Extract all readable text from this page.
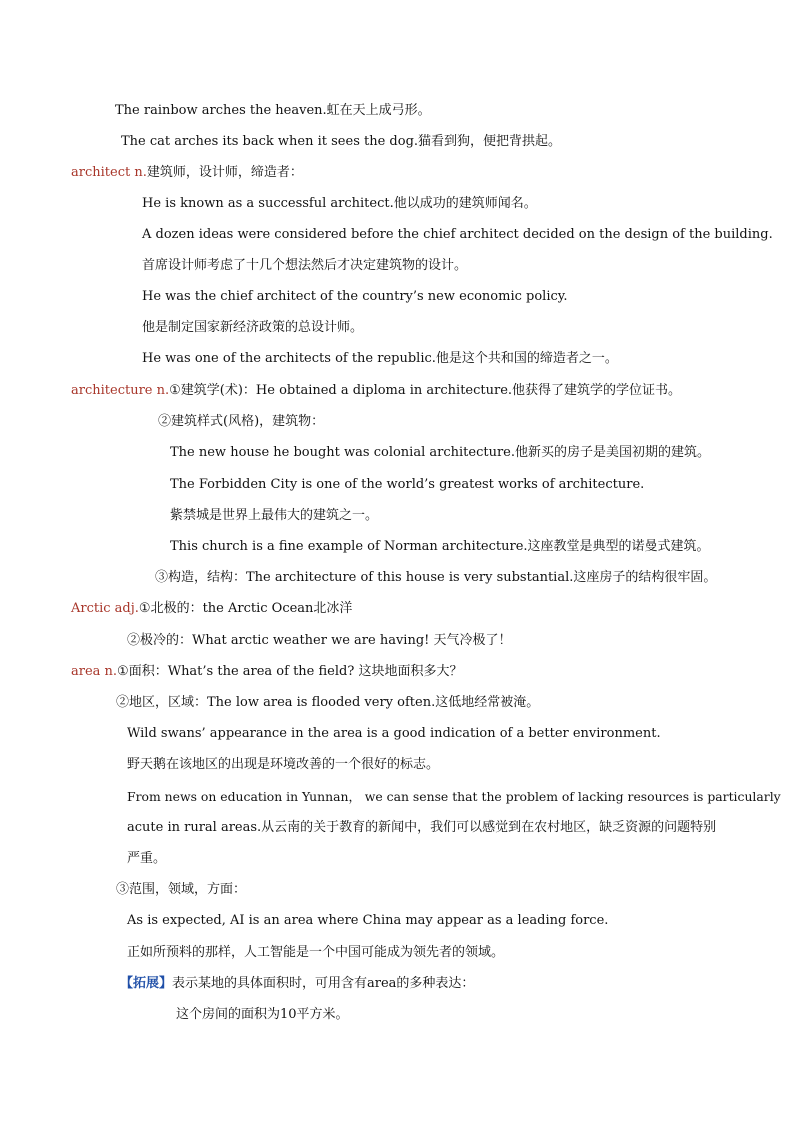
The rainbow arches the heaven.虹在天上成弓形。
The cat arches its back when it sees the dog.猫看到狗，便把背拱起。
architect n.建筑师，设计师，缔造者：
He is known as a successful architect.他以成功的建筑师闻名。
A dozen ideas were considered before the chief architect decided on the design of the building.
首席设计师考虑了十几个想法然后才决定建筑物的设计。
He was the chief architect of the country’s new economic policy.
他是制定国家新经济政策的总设计师。
He was one of the architects of the republic.他是这个共和国的缔造者之一。
architecture n.①建筑学(术)：He obtained a diploma in architecture.他获得了建筑学的学位证书。
②建筑样式(风格)，建筑物：
The new house he bought was colonial architecture.他新买的房子是美国初期的建筑。
The Forbidden City is one of the world’s greatest works of architecture.
紫禁城是世界上最伟大的建筑之一。
This church is a fine example of Norman architecture.这座教堂是典型的诺曼式建筑。
③构造，结构：The architecture of this house is very substantial.这座房子的结构很牢固。
Arctic adj.①北极的：the Arctic Ocean北冰洋
②极冷的：What arctic weather we are having! 天气冷极了！
area n.①面积：What’s the area of the field? 这块地面积多大？
②地区，区域：The low area is flooded very often.这低地经常被淹。
Wild swans’ appearance in the area is a good indication of a better environment.
野天鹅在该地区的出现是环境改善的一个很好的标志。
From news on education in Yunnan， we can sense that the problem of lacking resources is particularly
acute in rural areas.从云南的关于教育的新闻中，我们可以感觉到在农村地区，缺乏资源的问题特别
严重。
③范围，领域，方面：
As is expected, AI is an area where China may appear as a leading force.
正如所预料的那样，人工智能是一个中国可能成为领先者的领域。
【拓展】表示某地的具体面积时，可用含有area的多种表达：
这个房间的面积为10平方米。
